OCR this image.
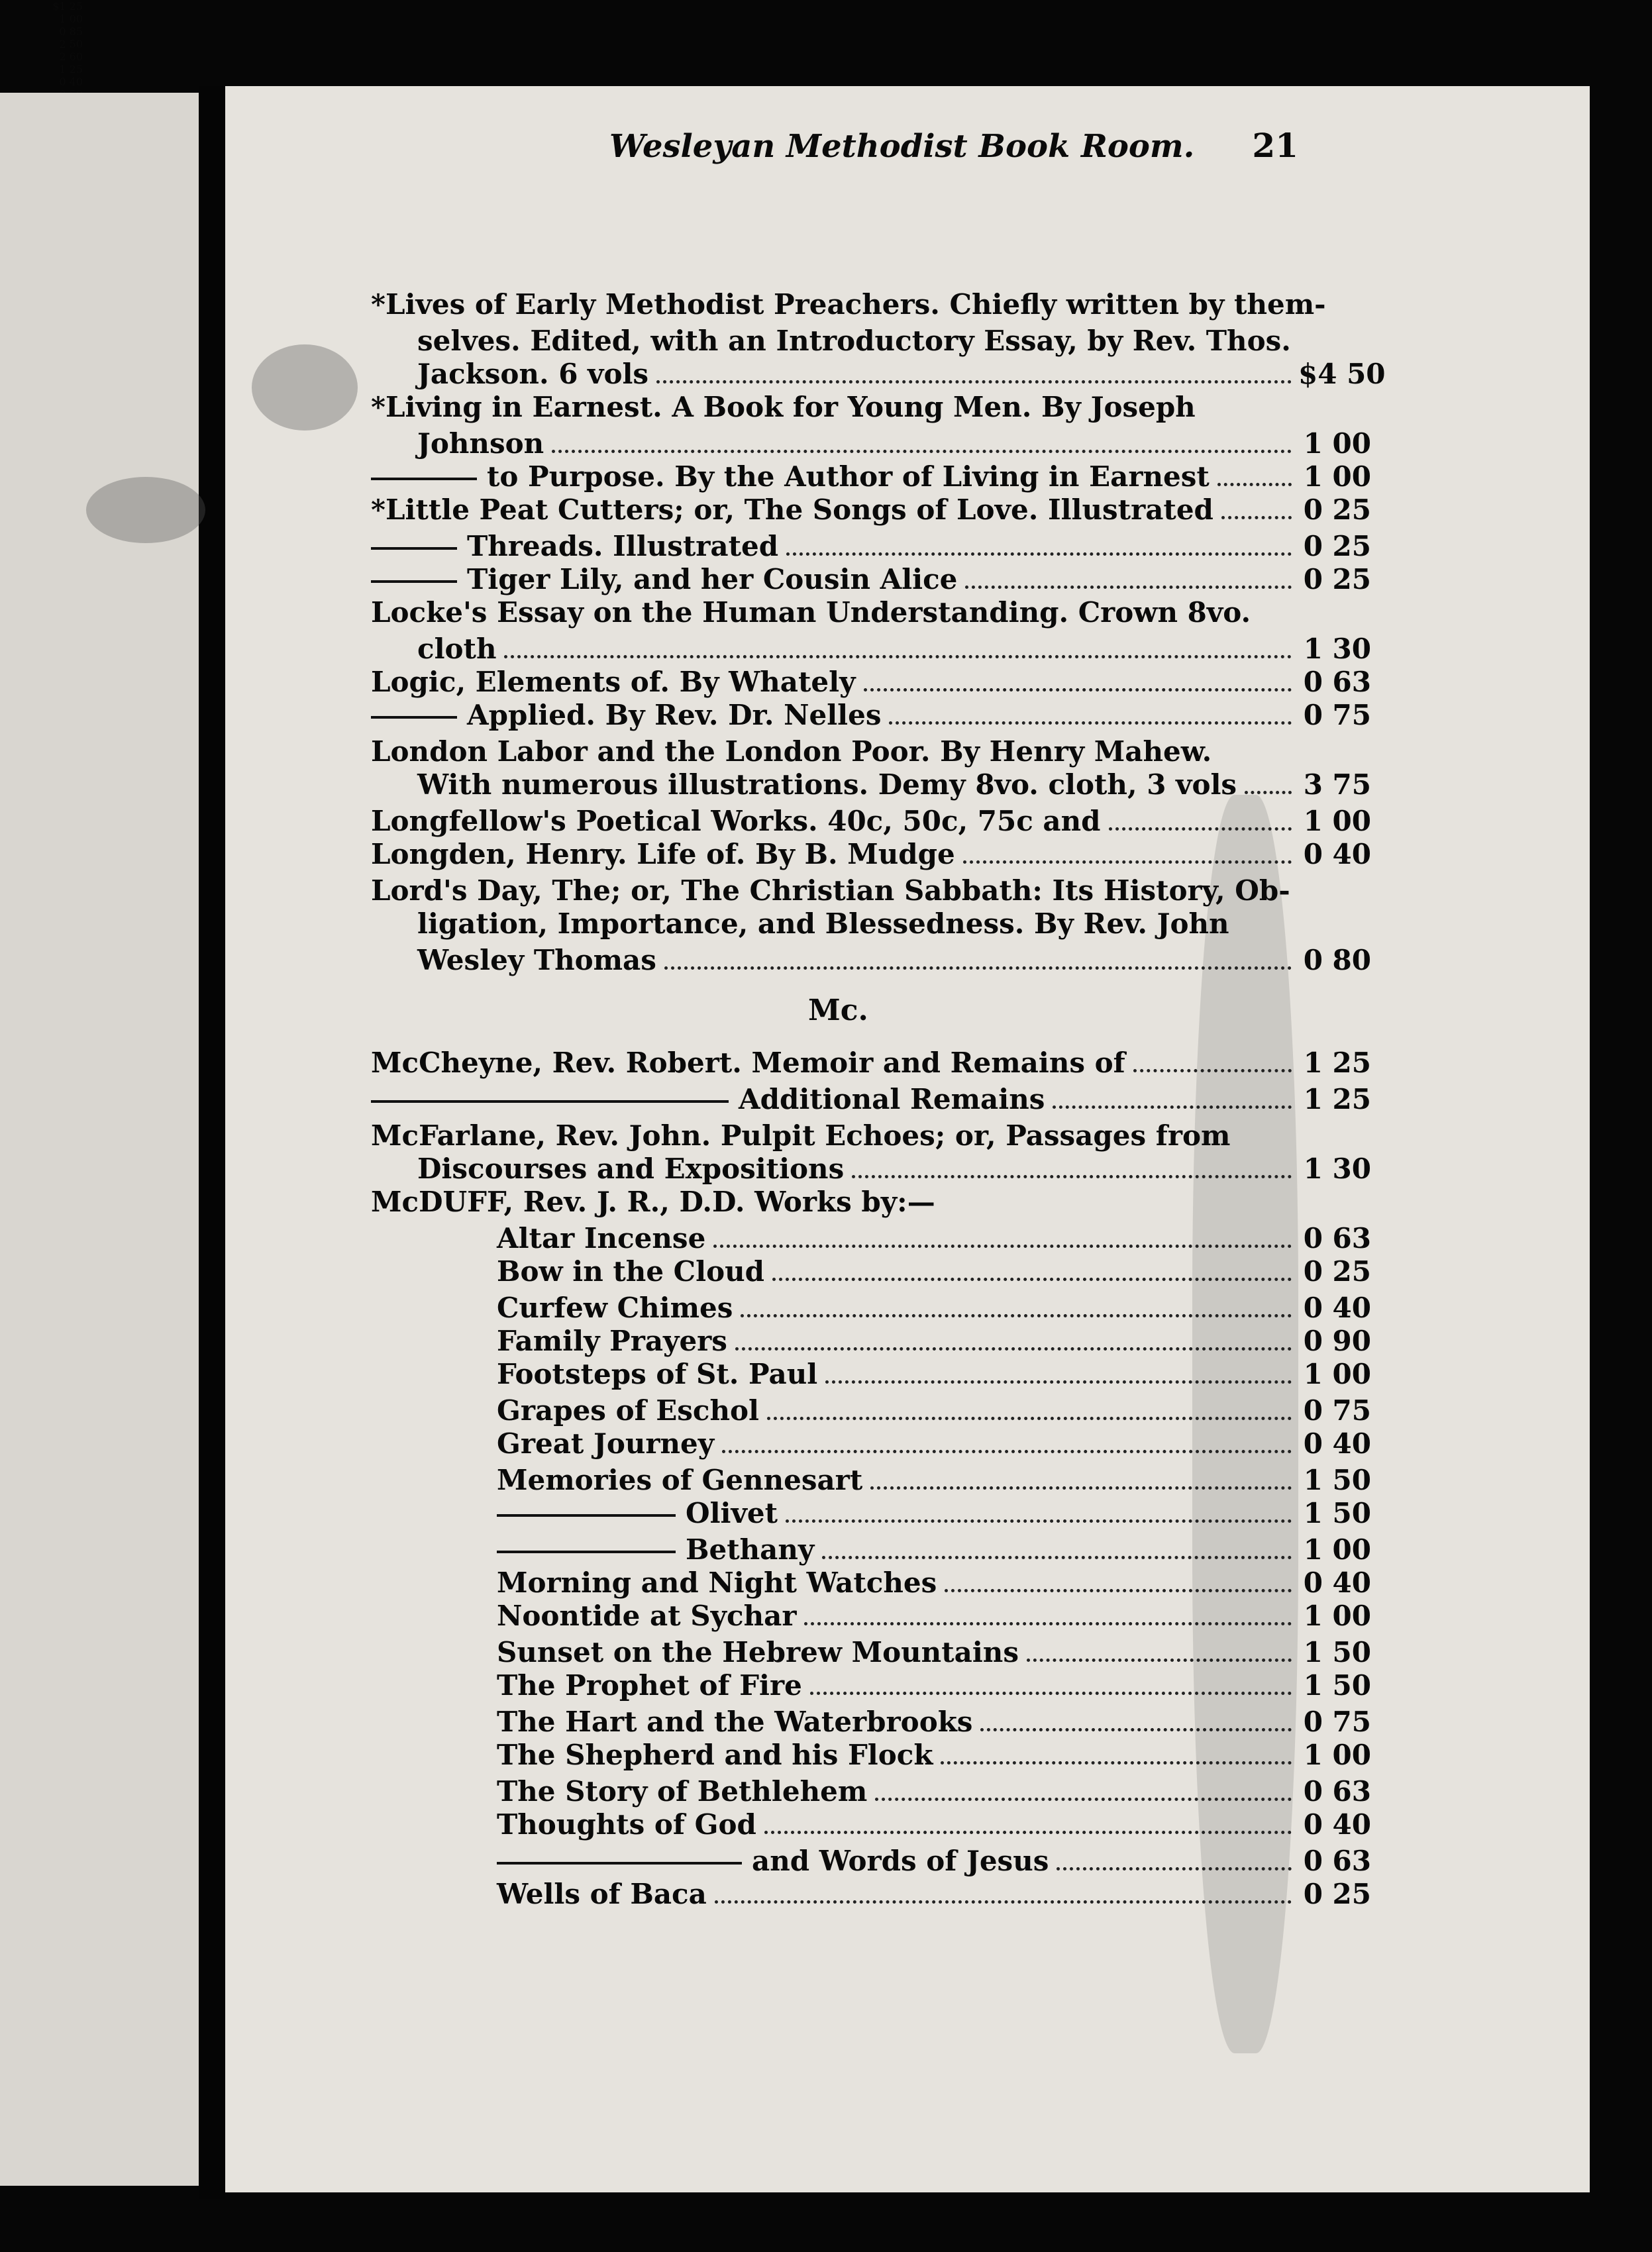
Wesleyan Methodist Book Room. 21
$1 25
1 00
0 85
2 50
2 60
1 25
0 40
*Lives of Early Methodist Preachers. Chiefly written by them-
selves. Edited, with an Introductory Essay, by Rev. Thos.
Jackson. 6 vols	$4 50
*Living in Earnest. A Book for Young Men. By Joseph
Johnson	1 00
to Purpose. By the Author of Living in Earnest	1 00
*Little Peat Cutters; or, The Songs of Love. Illustrated	0 25
Threads. Illustrated	0 25
Tiger Lily, and her Cousin Alice	0 25
Locke's Essay on the Human Understanding. Crown 8vo.
cloth	1 30
Logic, Elements of. By Whately	0 63
Applied. By Rev. Dr. Nelles	0 75
London Labor and the London Poor. By Henry Mahew.
With numerous illustrations. Demy 8vo. cloth, 3 vols 3 75
Longfellow's Poetical Works. 40c, 50c, 75c and	1 00
Longden, Henry. Life of. By B. Mudge	0 40
Lord's Day, The; or, The Christian Sabbath: Its History, Ob-
ligation, Importance, and Blessedness. By Rev. John
Wesley Thomas	0 80
McCheyne, Rev. Robert. Memoir and Remains of	1 25
Additional Remains	1 25
McFarlane, Rev. John. Pulpit Echoes; or, Passages from
Discourses and Expositions	1 30
McDUFF, Rev. J. R., D.D. Works by:—
Altar Incense	0 63
Bow in the Cloud	0 25
Curfew Chimes	0 40
Family Prayers	0 90
Footsteps of St. Paul	1 00
Grapes of Eschol	0 75
Great Journey	0 40
Memories of Gennesart	1 50
Olivet	1 50
Bethany	1 00
Morning and Night Watches	0 40
Noontide at Sychar	1 00
Sunset on the Hebrew Mountains	1 50
The Prophet of Fire	1 50
The Hart and the Waterbrooks	0 75
The Shepherd and his Flock	1 00
The Story of Bethlehem	0 63
Thoughts of God	0 40
and Words of Jesus	0 63
Wells of Baca	0 25
Mc.
